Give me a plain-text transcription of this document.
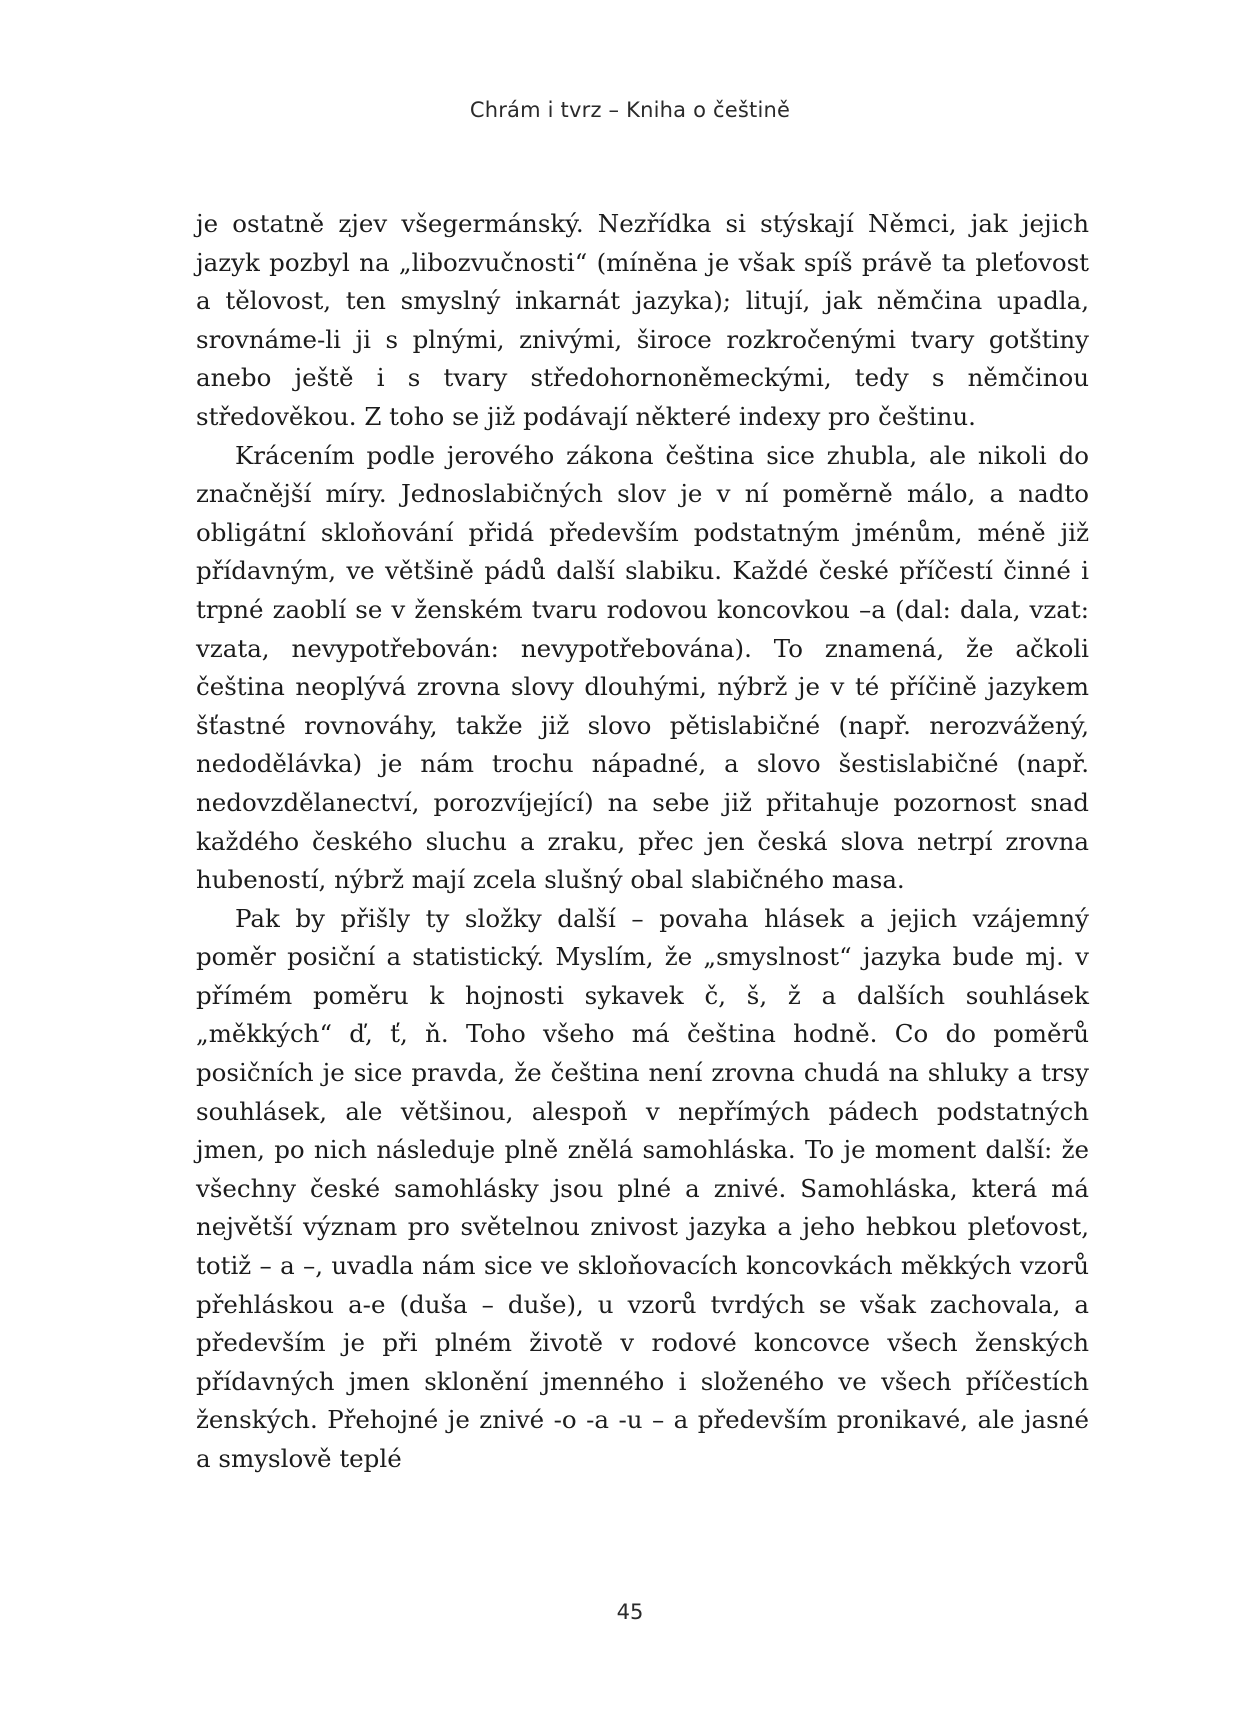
Chrám i tvrz – Kniha o češtině

je ostatně zjev všegermánský. Nezřídka si stýskají Němci, jak jejich jazyk pozbyl na „libozvučnosti“ (míněna je však spíš právě ta pleťovost a tělovost, ten smyslný inkarnát jazyka); litují, jak němčina upadla, srovnáme-li ji s plnými, znivými, široce rozkročenými tvary gotštiny anebo ještě i s tvary středohornoněmeckými, tedy s němčinou středověkou. Z toho se již podávají některé indexy pro češtinu.

Krácením podle jerového zákona čeština sice zhubla, ale nikoli do značnější míry. Jednoslabičných slov je v ní poměrně málo, a nadto obligátní skloňování přidá především podstatným jménům, méně již přídavným, ve většině pádů další slabiku. Každé české příčestí činné i trpné zaoblí se v ženském tvaru rodovou koncovkou –a (dal: dala, vzat: vzata, nevypotřebován: nevypotřebována). To znamená, že ačkoli čeština neoplývá zrovna slovy dlouhými, nýbrž je v té příčině jazykem šťastné rovnováhy, takže již slovo pětislabičné (např. nerozvážený, nedodělávka) je nám trochu nápadné, a slovo šestislabičné (např. nedovzdělanectví, porozvíjející) na sebe již přitahuje pozornost snad každého českého sluchu a zraku, přec jen česká slova netrpí zrovna hubeností, nýbrž mají zcela slušný obal slabičného masa.

Pak by přišly ty složky další – povaha hlásek a jejich vzájemný poměr posiční a statistický. Myslím, že „smyslnost“ jazyka bude mj. v přímém poměru k hojnosti sykavek č, š, ž a dalších souhlásek „měkkých“ ď, ť, ň. Toho všeho má čeština hodně. Co do poměrů posičních je sice pravda, že čeština není zrovna chudá na shluky a trsy souhlásek, ale většinou, alespoň v nepřímých pádech podstatných jmen, po nich následuje plně znělá samohláska. To je moment další: že všechny české samohlásky jsou plné a znivé. Samohláska, která má největší význam pro světelnou znivost jazyka a jeho hebkou pleťovost, totiž – a –, uvadla nám sice ve skloňovacích koncovkách měkkých vzorů přehláskou a-e (duša – duše), u vzorů tvrdých se však zachovala, a především je při plném životě v rodové koncovce všech ženských přídavných jmen sklonění jmenného i složeného ve všech příčestích ženských. Přehojné je znivé -o -a -u – a především pronikavé, ale jasné a smyslově teplé

45
